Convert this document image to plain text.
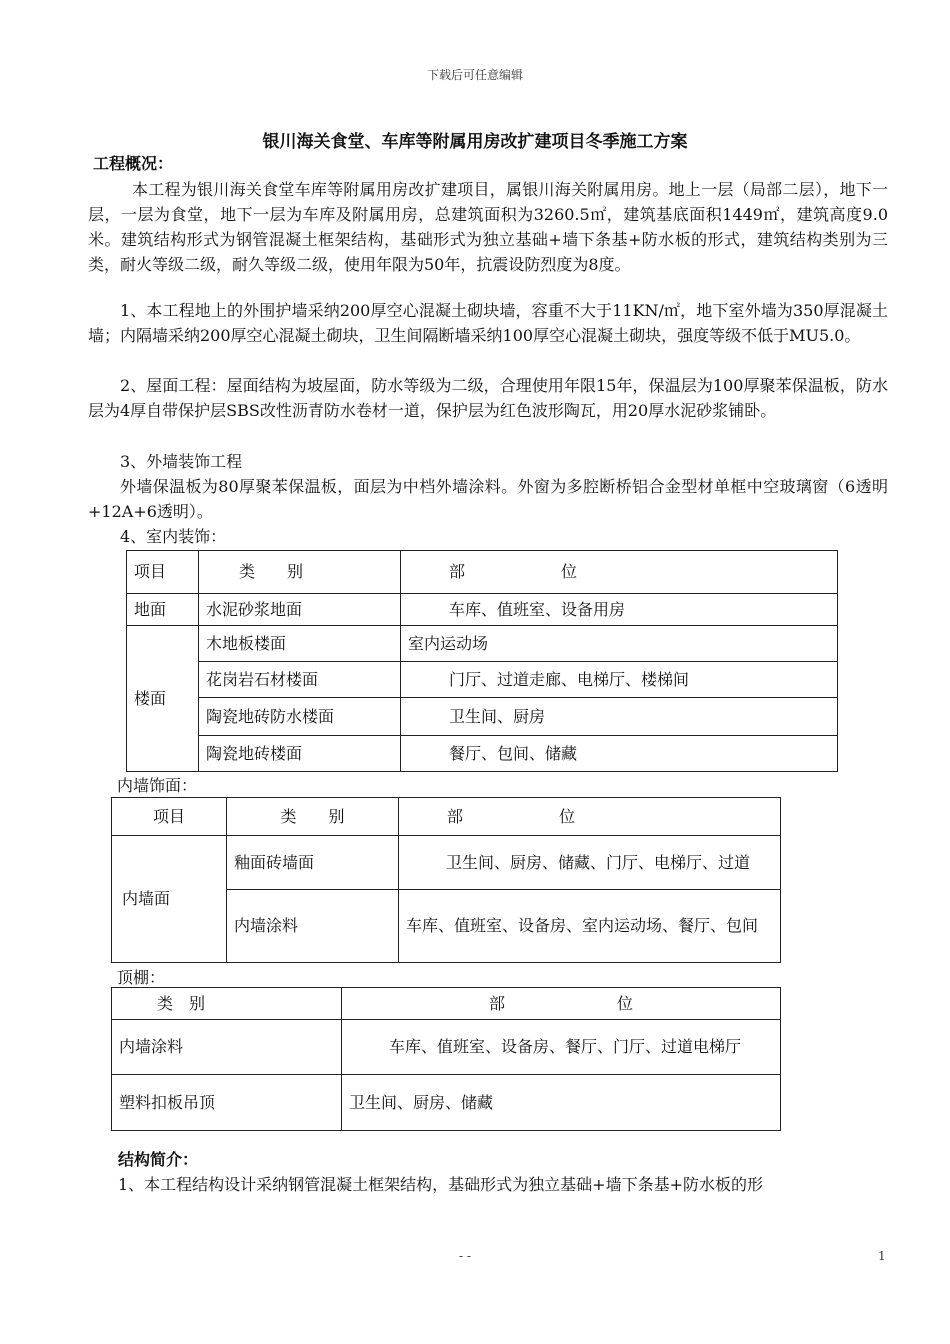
下载后可任意编辑
银川海关食堂、车库等附属用房改扩建项目冬季施工方案
工程概况：
本工程为银川海关食堂车库等附属用房改扩建项目，属银川海关附属用房。地上一层（局部二层），地下一层，一层为食堂，地下一层为车库及附属用房，总建筑面积为3260.5㎡，建筑基底面积1449㎡，建筑高度9.0米。建筑结构形式为钢管混凝土框架结构，基础形式为独立基础+墙下条基+防水板的形式，建筑结构类别为三类，耐火等级二级，耐久等级二级，使用年限为50年，抗震设防烈度为8度。
1、本工程地上的外围护墙采纳200厚空心混凝土砌块墙，容重不大于11KN/㎡，地下室外墙为350厚混凝土墙；内隔墙采纳200厚空心混凝土砌块，卫生间隔断墙采纳100厚空心混凝土砌块，强度等级不低于MU5.0。
2、屋面工程：屋面结构为坡屋面，防水等级为二级，合理使用年限15年，保温层为100厚聚苯保温板，防水层为4厚自带保护层SBS改性沥青防水卷材一道，保护层为红色波形陶瓦，用20厚水泥砂浆铺卧。
3、外墙装饰工程
外墙保温板为80厚聚苯保温板，面层为中档外墙涂料。外窗为多腔断桥铝合金型材单框中空玻璃窗（6透明+12A+6透明）。
4、室内装饰：
项目	类　　别	部　　　　　　位
地面	水泥砂浆地面	车库、值班室、设备用房
楼面	木地板楼面	室内运动场
	花岗岩石材楼面	门厅、过道走廊、电梯厅、楼梯间
	陶瓷地砖防水楼面	卫生间、厨房
	陶瓷地砖楼面	餐厅、包间、储藏
内墙饰面：
项目	类　　别	部　　　　　　位
内墙面	釉面砖墙面	卫生间、厨房、储藏、门厅、电梯厅、过道
	内墙涂料	车库、值班室、设备房、室内运动场、餐厅、包间
顶棚：
类　别	部　　　　　　　位
内墙涂料	车库、值班室、设备房、餐厅、门厅、过道电梯厅
塑料扣板吊顶	卫生间、厨房、储藏
结构简介：
1、本工程结构设计采纳钢管混凝土框架结构，基础形式为独立基础+墙下条基+防水板的形
- -	1
